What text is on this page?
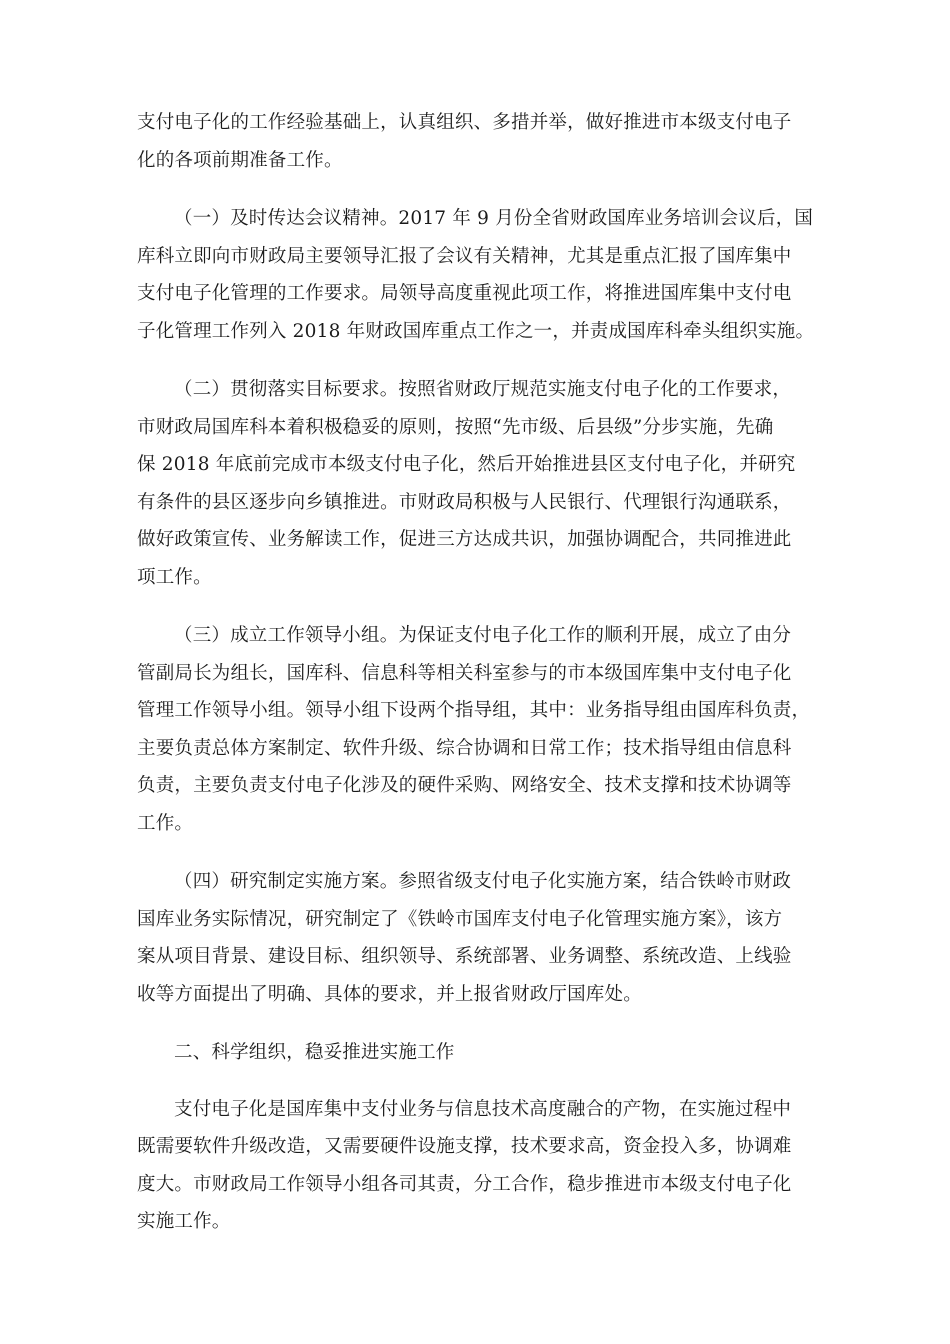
支付电子化的工作经验基础上，认真组织、多措并举，做好推进市本级支付电子
化的各项前期准备工作。
（一）及时传达会议精神。2017 年 9 月份全省财政国库业务培训会议后，国
库科立即向市财政局主要领导汇报了会议有关精神，尤其是重点汇报了国库集中
支付电子化管理的工作要求。局领导高度重视此项工作，将推进国库集中支付电
子化管理工作列入 2018 年财政国库重点工作之一，并责成国库科牵头组织实施。
（二）贯彻落实目标要求。按照省财政厅规范实施支付电子化的工作要求，
市财政局国库科本着积极稳妥的原则，按照“先市级、后县级”分步实施，先确
保 2018 年底前完成市本级支付电子化，然后开始推进县区支付电子化，并研究
有条件的县区逐步向乡镇推进。市财政局积极与人民银行、代理银行沟通联系，
做好政策宣传、业务解读工作，促进三方达成共识，加强协调配合，共同推进此
项工作。
（三）成立工作领导小组。为保证支付电子化工作的顺利开展，成立了由分
管副局长为组长，国库科、信息科等相关科室参与的市本级国库集中支付电子化
管理工作领导小组。领导小组下设两个指导组，其中：业务指导组由国库科负责，
主要负责总体方案制定、软件升级、综合协调和日常工作；技术指导组由信息科
负责，主要负责支付电子化涉及的硬件采购、网络安全、技术支撑和技术协调等
工作。
（四）研究制定实施方案。参照省级支付电子化实施方案，结合铁岭市财政
国库业务实际情况，研究制定了《铁岭市国库支付电子化管理实施方案》，该方
案从项目背景、建设目标、组织领导、系统部署、业务调整、系统改造、上线验
收等方面提出了明确、具体的要求，并上报省财政厅国库处。
二、科学组织，稳妥推进实施工作
支付电子化是国库集中支付业务与信息技术高度融合的产物，在实施过程中
既需要软件升级改造，又需要硬件设施支撑，技术要求高，资金投入多，协调难
度大。市财政局工作领导小组各司其责，分工合作，稳步推进市本级支付电子化
实施工作。
